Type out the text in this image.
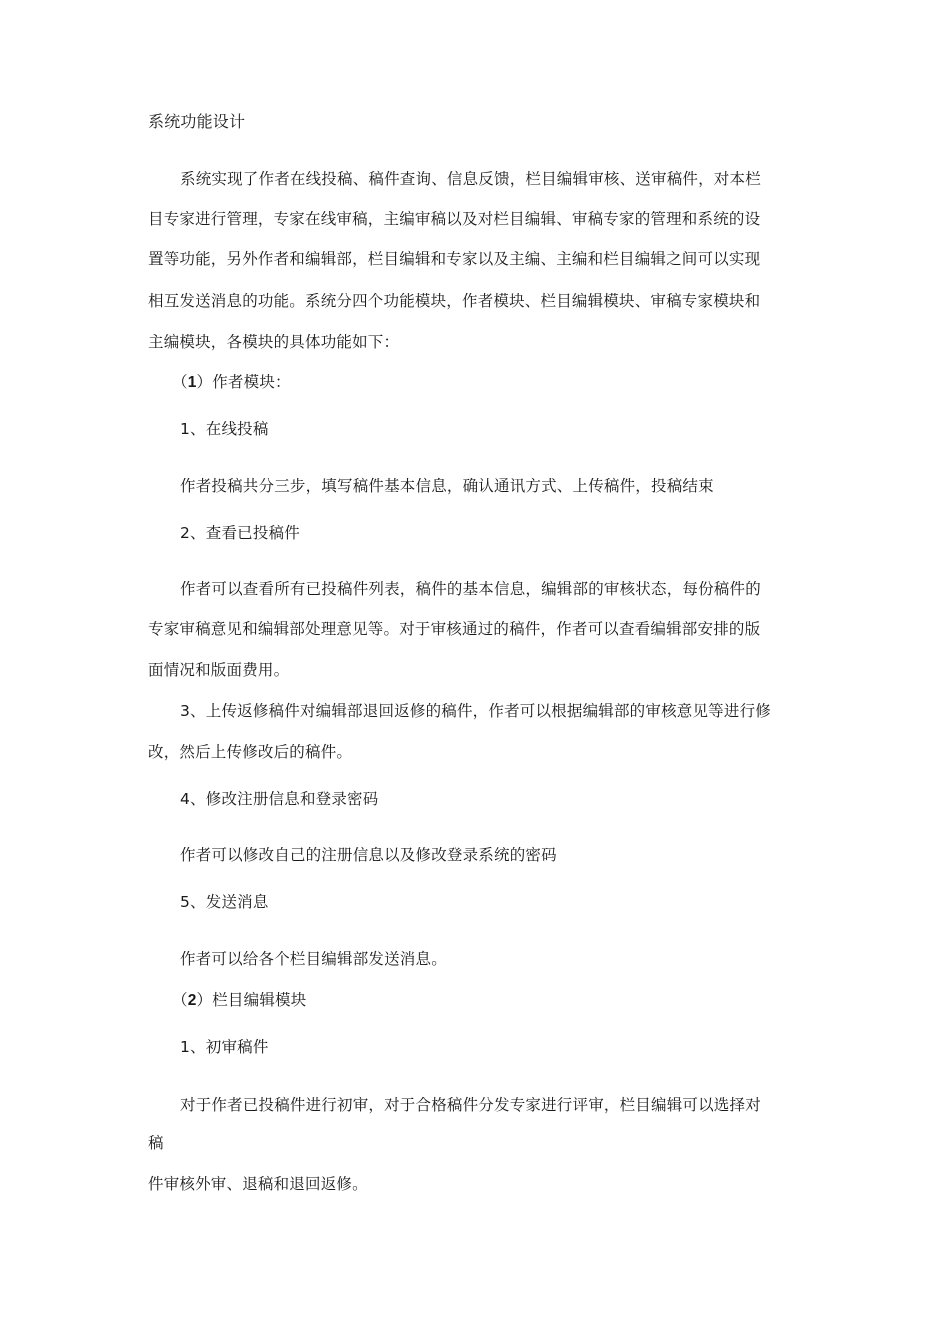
系统功能设计
系统实现了作者在线投稿、稿件查询、信息反馈，栏目编辑审核、送审稿件，对本栏
目专家进行管理，专家在线审稿，主编审稿以及对栏目编辑、审稿专家的管理和系统的设
置等功能，另外作者和编辑部，栏目编辑和专家以及主编、主编和栏目编辑之间可以实现
相互发送消息的功能。系统分四个功能模块，作者模块、栏目编辑模块、审稿专家模块和
主编模块，各模块的具体功能如下：
（1）作者模块：
1、在线投稿
作者投稿共分三步，填写稿件基本信息，确认通讯方式、上传稿件，投稿结束
2、查看已投稿件
作者可以查看所有已投稿件列表，稿件的基本信息，编辑部的审核状态，每份稿件的
专家审稿意见和编辑部处理意见等。对于审核通过的稿件，作者可以查看编辑部安排的版
面情况和版面费用。
3、上传返修稿件对编辑部退回返修的稿件，作者可以根据编辑部的审核意见等进行修
改，然后上传修改后的稿件。
4、修改注册信息和登录密码
作者可以修改自己的注册信息以及修改登录系统的密码
5、发送消息
作者可以给各个栏目编辑部发送消息。
（2）栏目编辑模块
1、初审稿件
对于作者已投稿件进行初审，对于合格稿件分发专家进行评审，栏目编辑可以选择对
稿
件审核外审、退稿和退回返修。
